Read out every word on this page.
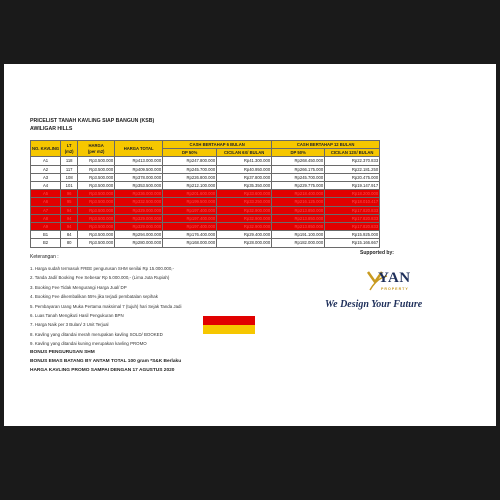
PRICELIST TANAH KAVLING SIAP BANGUN (KSB)
AWILIGAR HILLS
NO. KAVLING	LT
(m2)	HARGA
(per m2)	HARGA TOTAL	CASH BERTAHAP 6 BULAN		CASH BERTAHAP 12 BULAN	
				DP 50%	CICILAN 6X/ BULAN	DP 50%	CICILAN 12X/ BULAN
A1	118	Rp3.500.000	Rp413.000.000	Rp247.800.000	Rp41.300.000	Rp268.450.000	Rp22.370.833
A2	117	Rp3.500.000	Rp409.500.000	Rp245.700.000	Rp40.950.000	Rp266.175.000	Rp22.181.250
A3	108	Rp3.500.000	Rp378.000.000	Rp226.800.000	Rp37.800.000	Rp245.700.000	Rp20.475.000
A4	101	Rp3.500.000	Rp353.500.000	Rp212.100.000	Rp35.350.000	Rp229.775.000	Rp19.147.917
A5	96	Rp3.500.000	Rp336.000.000	Rp201.600.000	Rp33.600.000	Rp218.400.000	Rp18.200.000
A6	95	Rp3.500.000	Rp332.500.000	Rp199.500.000	Rp33.250.000	Rp216.125.000	Rp18.010.417
A7	94	Rp3.500.000	Rp329.000.000	Rp197.400.000	Rp32.900.000	Rp213.850.000	Rp17.820.833
A8	94	Rp3.500.000	Rp329.000.000	Rp197.400.000	Rp32.900.000	Rp213.850.000	Rp17.820.833
A9	94	Rp3.500.000	Rp329.000.000	Rp197.400.000	Rp32.900.000	Rp213.850.000	Rp17.820.833
B1	84	Rp3.500.000	Rp294.000.000	Rp176.400.000	Rp29.400.000	Rp191.100.000	Rp15.925.000
B2	80	Rp3.500.000	Rp280.000.000	Rp168.000.000	Rp28.000.000	Rp182.000.000	Rp15.166.667
Keterangan :
1. Harga sudah termasuk FREE pengurusan SHM senilai Rp 15.000.000,-
2. Tanda Jadi/ Booking Fee Sebesar Rp 5.000.000,- (Lima Juta Rupiah)
3. Booking Fee Tidak Mengurangi Harga Jual/ DP
4. Booking Fee dikembalikan 55% jika terjadi pembatalan sepihak
5. Pembayaran Uang Muka Pertama maksimal 7 (tujuh) hari Sejak Tanda Jadi
6. Luas Tanah Mengikuti Hasil Pengukuran BPN
7. Harga Naik per 3 Bulan/ 3 Unit Terjual
8. Kavling yang ditandai merah merupakan kavling SOLD/ BOOKED
9. Kavling yang ditandai kuning merupakan kavling PROMO
BONUS PENGURUSAN SHM
BONUS EMAS BATANG BY ANTAM TOTAL 100 gram *S&K Berlaku
HARGA KAVLING PROMO SAMPAI DENGAN 17 AGUSTUS 2020
Supported by:
YAN
PROPERTY
We Design Your Future
